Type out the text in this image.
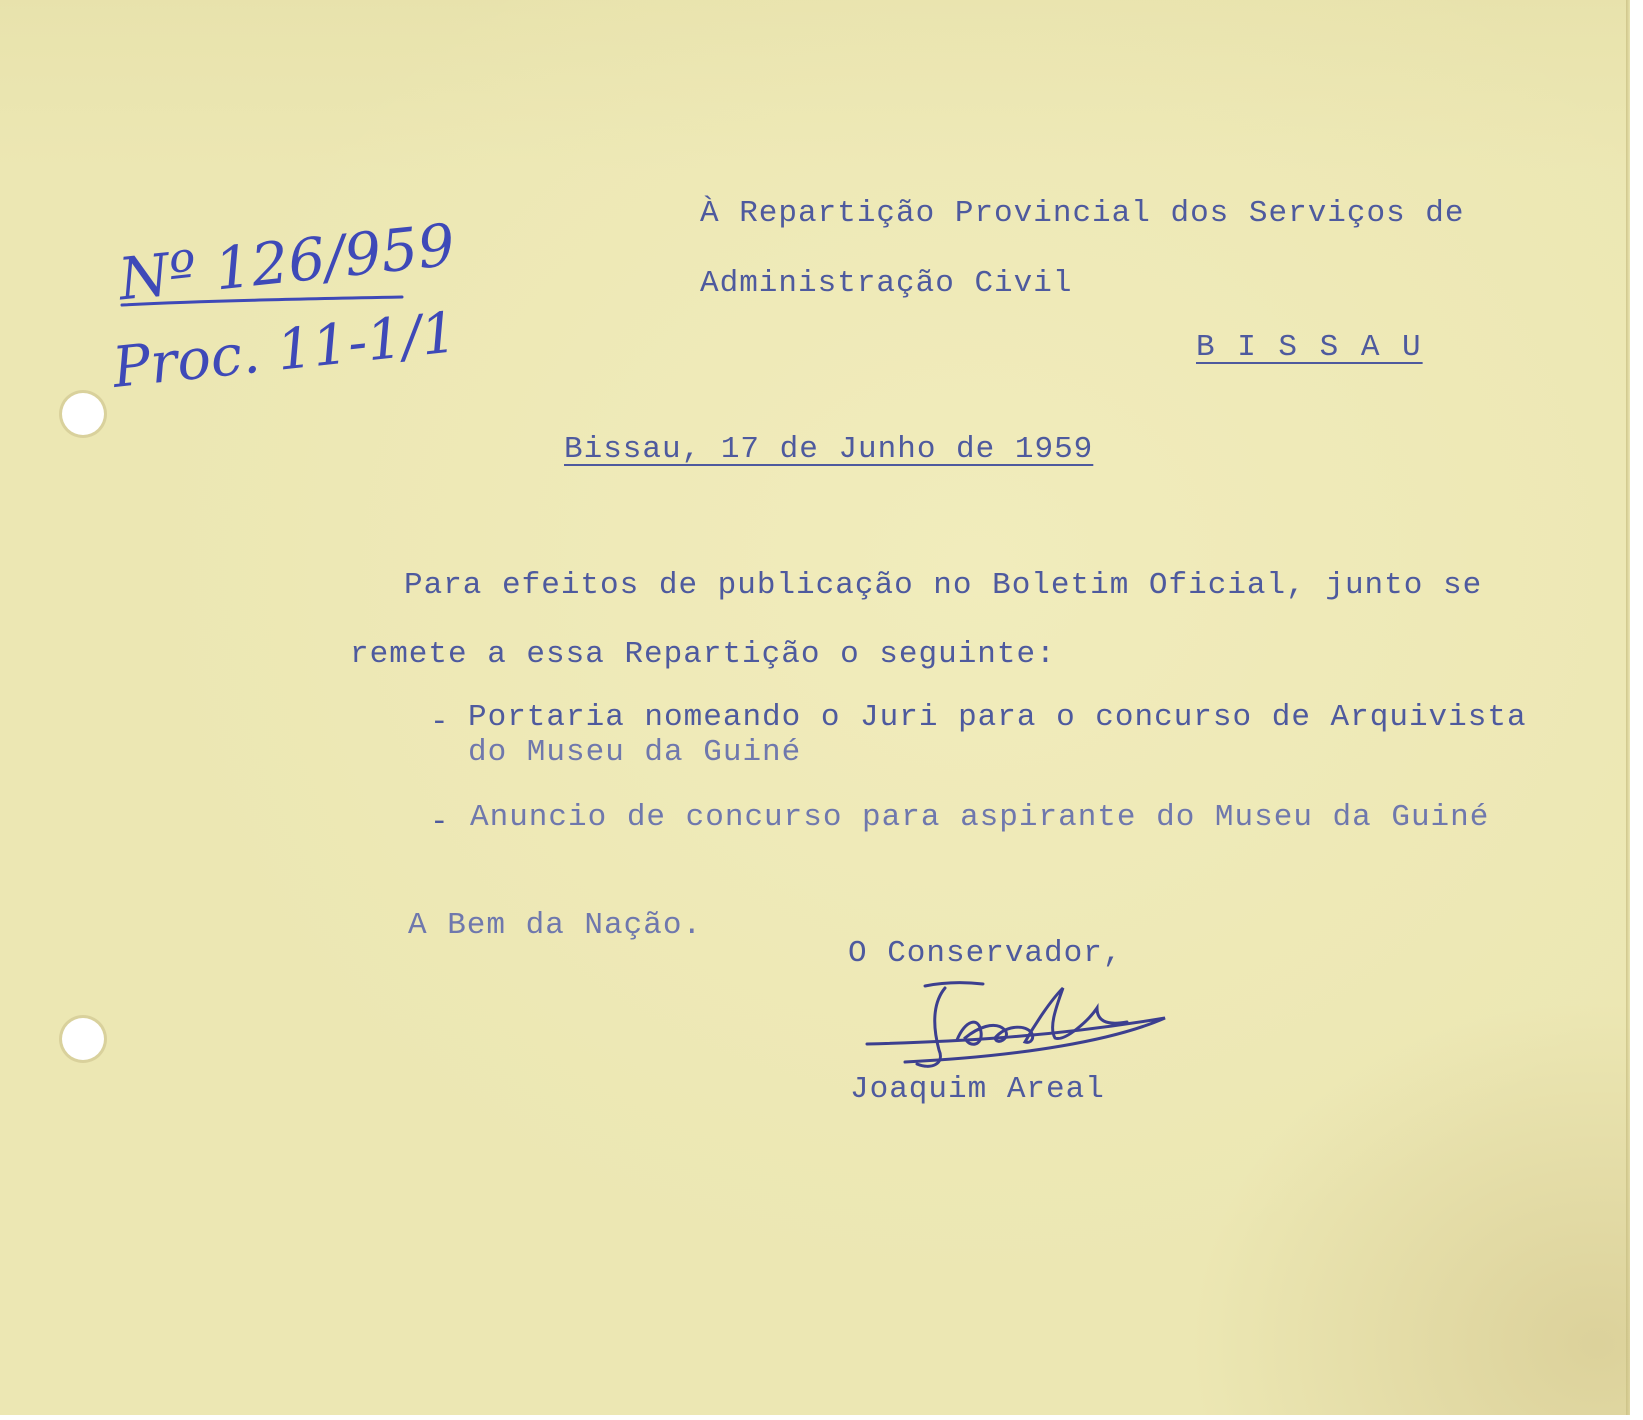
Nº 126/959
Proc. 11-1/1

À Repartição Provincial dos Serviços de

Administração Civil

B I S S A U

Bissau, 17 de Junho de 1959

Para efeitos de publicação no Boletim Oficial, junto se

remete a essa Repartição o seguinte:

- Portaria nomeando o Juri para o concurso de Arquivista

do Museu da Guiné

- Anuncio de concurso para aspirante do Museu da Guiné

A Bem da Nação.

O Conservador,

Joaquim Areal
